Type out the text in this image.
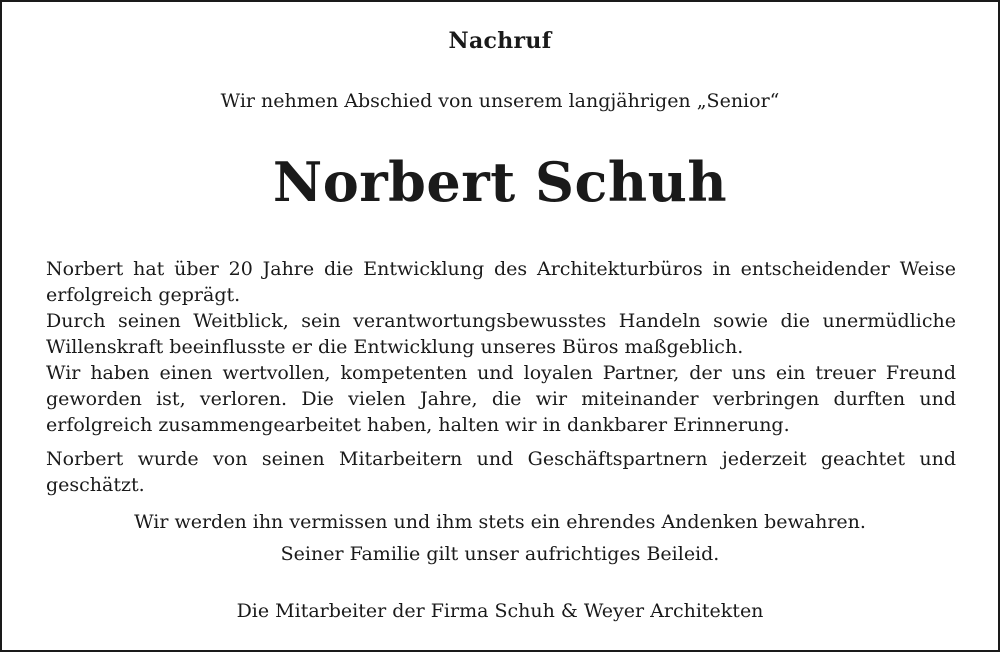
Nachruf
Wir nehmen Abschied von unserem langjährigen „Senior“
Norbert Schuh

Norbert hat über 20 Jahre die Entwicklung des Architekturbüros in entscheidender Weise erfolgreich geprägt.

Durch seinen Weitblick, sein verantwortungsbewusstes Handeln sowie die unermüdliche Willenskraft beeinflusste er die Entwicklung unseres Büros maßgeblich.

Wir haben einen wertvollen, kompetenten und loyalen Partner, der uns ein treuer Freund geworden ist, verloren. Die vielen Jahre, die wir miteinander verbringen durften und erfolgreich zusammengearbeitet haben, halten wir in dankbarer Erinnerung.

Norbert wurde von seinen Mitarbeitern und Geschäftspartnern jederzeit geachtet und geschätzt.

Wir werden ihn vermissen und ihm stets ein ehrendes Andenken bewahren.
Seiner Familie gilt unser aufrichtiges Beileid.
Die Mitarbeiter der Firma Schuh & Weyer Architekten
